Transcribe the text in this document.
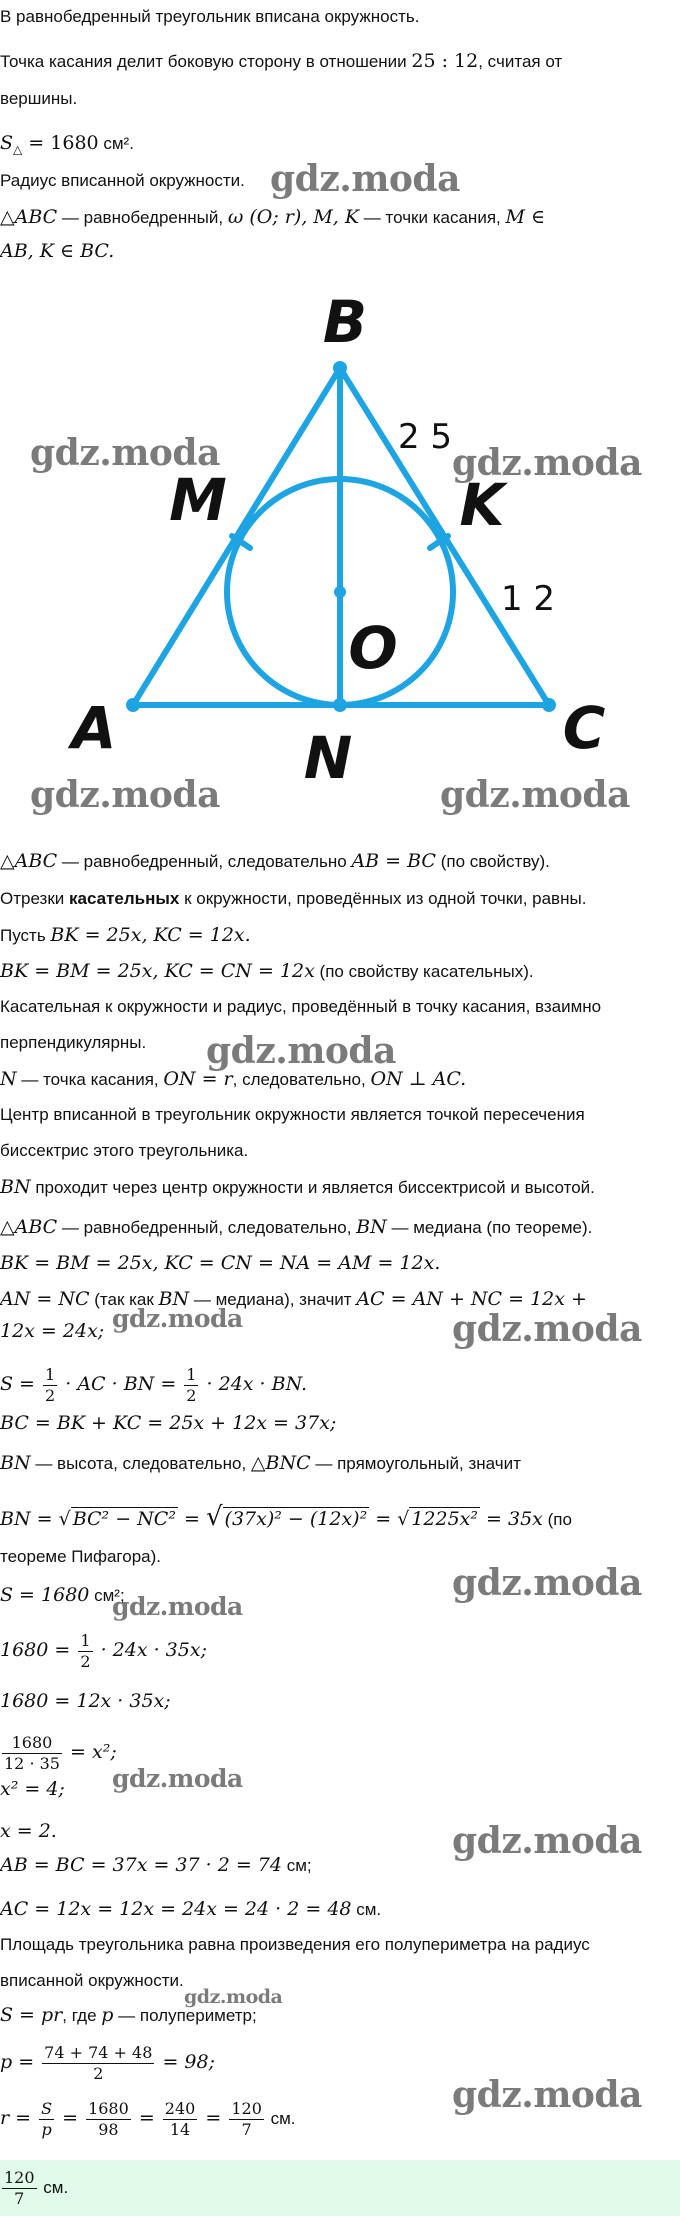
В равнобедренный треугольник вписана окружность.
Точка касания делит боковую сторону в отношении 25 : 12, считая от
вершины.
$S_\triangle = 1680$ см².
Радиус вписанной окружности.
△ABC — равнобедренный, ω (O; r), M, K — точки касания, M ∈
AB, K ∈ BC.
B
M	K
A	C
N
O
2 5
1 2
△ABC — равнобедренный, следовательно AB = BC (по свойству).
Отрезки касательных к окружности, проведённых из одной точки, равны.
Пусть BK = 25x, KC = 12x.
BK = BM = 25x, KC = CN = 12x (по свойству касательных).
Касательная к окружности и радиус, проведённый в точку касания, взаимно
перпендикулярны.
N — точка касания, ON = r, следовательно, ON ⊥ AC.
Центр вписанной в треугольник окружности является точкой пересечения
биссектрис этого треугольника.
BN проходит через центр окружности и является биссектрисой и высотой.
△ABC — равнобедренный, следовательно, BN — медиана (по теореме).
BK = BM = 25x, KC = CN = NA = AM = 12x.
AN = NC (так как BN — медиана), значит AC = AN + NC = 12x +
12x = 24x;
$S = \frac{1}{2}$ · AC · BN = $\frac{1}{2} \cdot 24x$ · BN.
BC = BK + KC = 25x + 12x = 37x;
BN — высота, следовательно, △BNC — прямоугольный, значит
BN = √ BC² − NC² = √ (37x)² − (12x)² = √ 1225x² = 35x (по
теореме Пифагора).
S = 1680 см²;
$1680 = \frac{1}{2} \cdot 24x \cdot 35x$;
1680 = 12x · 35x;
$\frac{1680}{12 \cdot 35} = x^2$;
x² = 4;
x = 2.
AB = BC = 37x = 37 · 2 = 74 см;
AC = 12x = 12x = 24x = 24 · 2 = 48 см.
Площадь треугольника равна произведения его полупериметра на радиус
вписанной окружности.
S = pr, где p — полупериметр;
$p = \frac{74 + 74 + 48}{2} = 98$;
$r = \frac{S}{p} = \frac{1680}{98} = \frac{240}{14} = \frac{120}{7}$ см.
$\frac{120}{7}$ см.
gdz.moda
gdz.moda	gdz.moda
gdz.moda	gdz.moda
gdz.moda
gdz.moda	gdz.moda
gdz.moda
gdz.moda
gdz.moda
gdz.moda
gdz.moda
gdz.moda
